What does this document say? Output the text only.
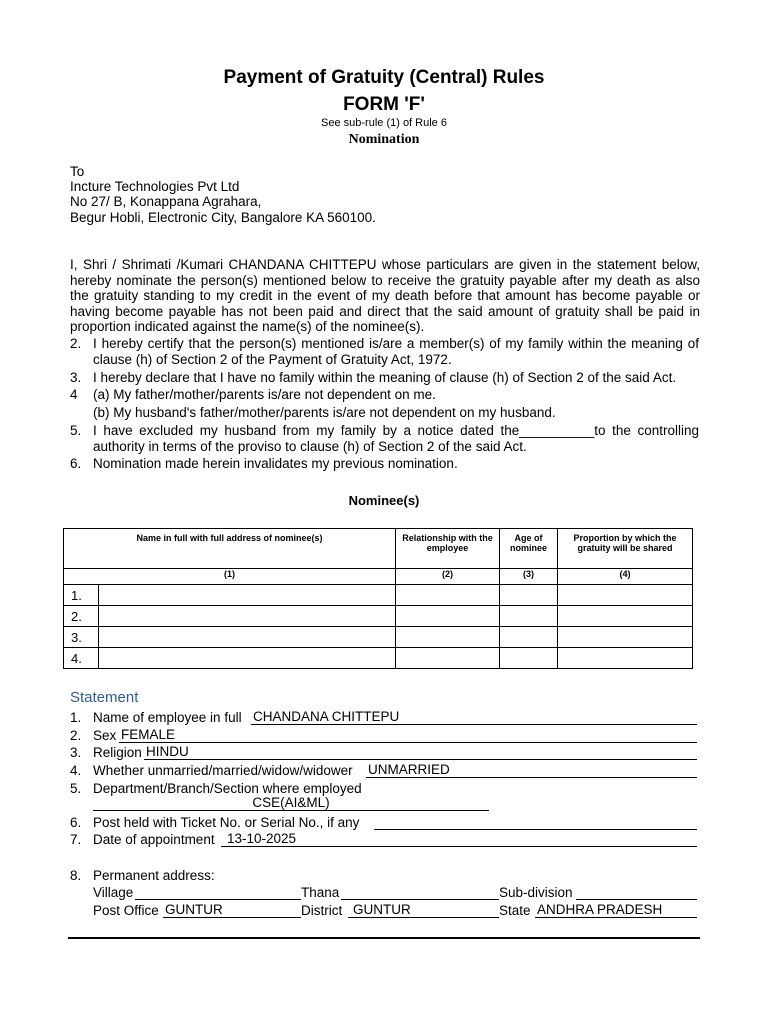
Payment of Gratuity (Central) Rules
FORM 'F'
See sub-rule (1) of Rule 6
Nomination
To
Incture Technologies Pvt Ltd
No 27/ B, Konappana Agrahara,
Begur Hobli, Electronic City, Bangalore KA 560100.
I, Shri / Shrimati /Kumari CHANDANA CHITTEPU whose particulars are given in the statement below, hereby nominate the person(s) mentioned below to receive the gratuity payable after my death as also the gratuity standing to my credit in the event of my death before that amount has become payable or having become payable has not been paid and direct that the said amount of gratuity shall be paid in proportion indicated against the name(s) of the nominee(s).
2. I hereby certify that the person(s) mentioned is/are a member(s) of my family within the meaning of clause (h) of Section 2 of the Payment of Gratuity Act, 1972.
3. I hereby declare that I have no family within the meaning of clause (h) of Section 2 of the said Act.
4 (a) My father/mother/parents is/are not dependent on me.
(b) My husband's father/mother/parents is/are not dependent on my husband.
5. I have excluded my husband from my family by a notice dated the__________to the controlling authority in terms of the proviso to clause (h) of Section 2 of the said Act.
6. Nomination made herein invalidates my previous nomination.
Nominee(s)
Name in full with full address of nominee(s)		Relationship with the employee	Age of nominee	Proportion by which the gratuity will be shared
(1)		(2)	(3)	(4)
1.				
2.				
3.				
4.				
Statement
1. Name of employee in full CHANDANA CHITTEPU
2. Sex FEMALE
3. Religion HINDU
4. Whether unmarried/married/widow/widower UNMARRIED
5. Department/Branch/Section where employed
CSE(AI&ML)
6. Post held with Ticket No. or Serial No., if any
7. Date of appointment 13-10-2025
8. Permanent address:
Village	Thana	Sub-division
Post Office GUNTUR	District GUNTUR	State ANDHRA PRADESH
